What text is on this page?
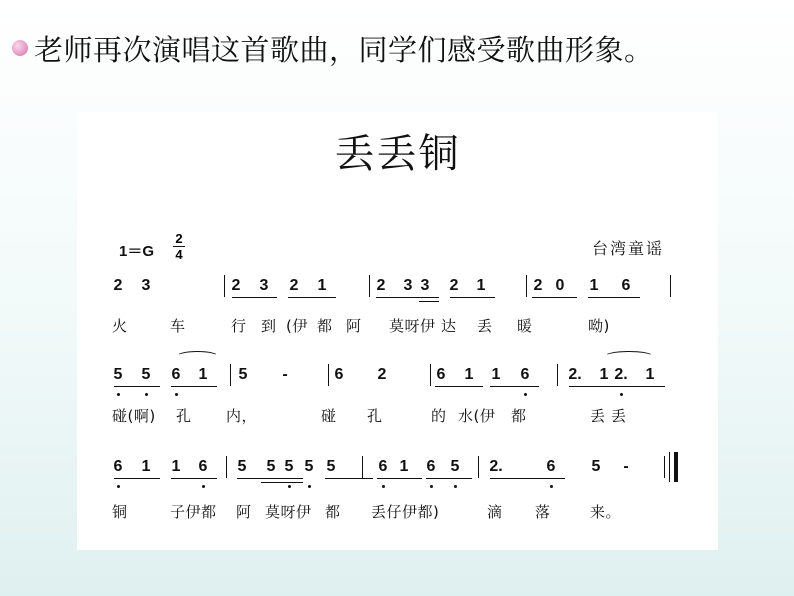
老师再次演唱这首歌曲，同学们感受歌曲形象。
丢丢铜
1＝G
2
4	台湾童谣
2 3	2 3 2 1	2 3 3 2 1	2 0 1 6
火	车	行 到 (伊 都 阿 莫呀伊 达 丢 暖	呦)
5 5 6 1 5 -	6 2	6 1 1 6 2. 1 2. 1
碰(啊) 孔 内，	碰 孔	的 水(伊 都	丢 丢
6 1 1 6 5 5 5 5 5	6 1 6 5 2.	6 5 -
铜	子伊都 阿 莫呀伊 都 丢仔伊都)	滴 落	来。
